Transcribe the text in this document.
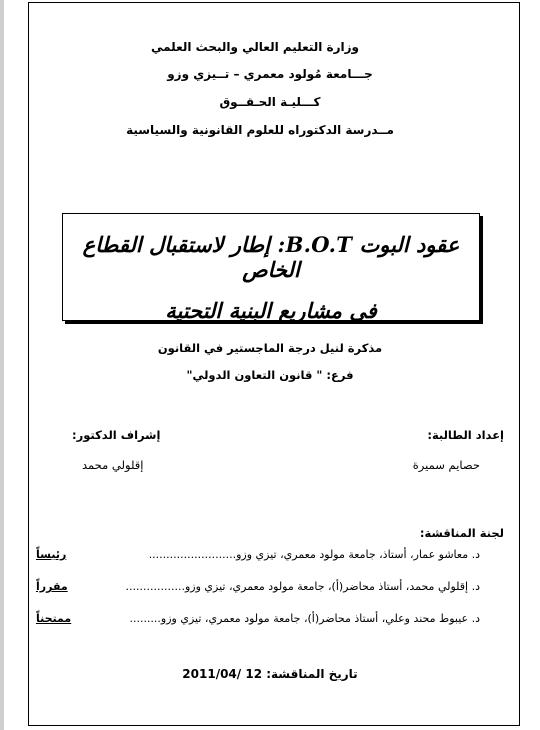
وزارة التعليم العالي والبحث العلمي
جـــامعة مُولود معمري – تــيزي وزو
كـــليـة الحـقــوق
مــدرسة الدكتوراه للعلوم القانونية والسياسية
عقود البوت B.O.T: إطار لاستقبال القطاع الخاص
في مشاريع البنية التحتية
مذكرة لنيل درجة الماجستير في القانون
فرع: " قانون التعاون الدولي"
إعداد الطالبة:
حصايم سميرة
إشراف الدكتور:
إقلولي محمد
لجنة المناقشة:
د. معاشو عمار، أستاذ، جامعة مولود معمري، تيزي وزو.........................
رئيساً
د. إقلولي محمد، أستاذ محاضر(أ)، جامعة مولود معمري، تيزي وزو.................
مقرراً
د. عيبوط محند وعلي، أستاذ محاضر(أ)، جامعة مولود معمري، تيزي وزو.........
ممتحناً
تاريخ المناقشة: 12 /2011/04
